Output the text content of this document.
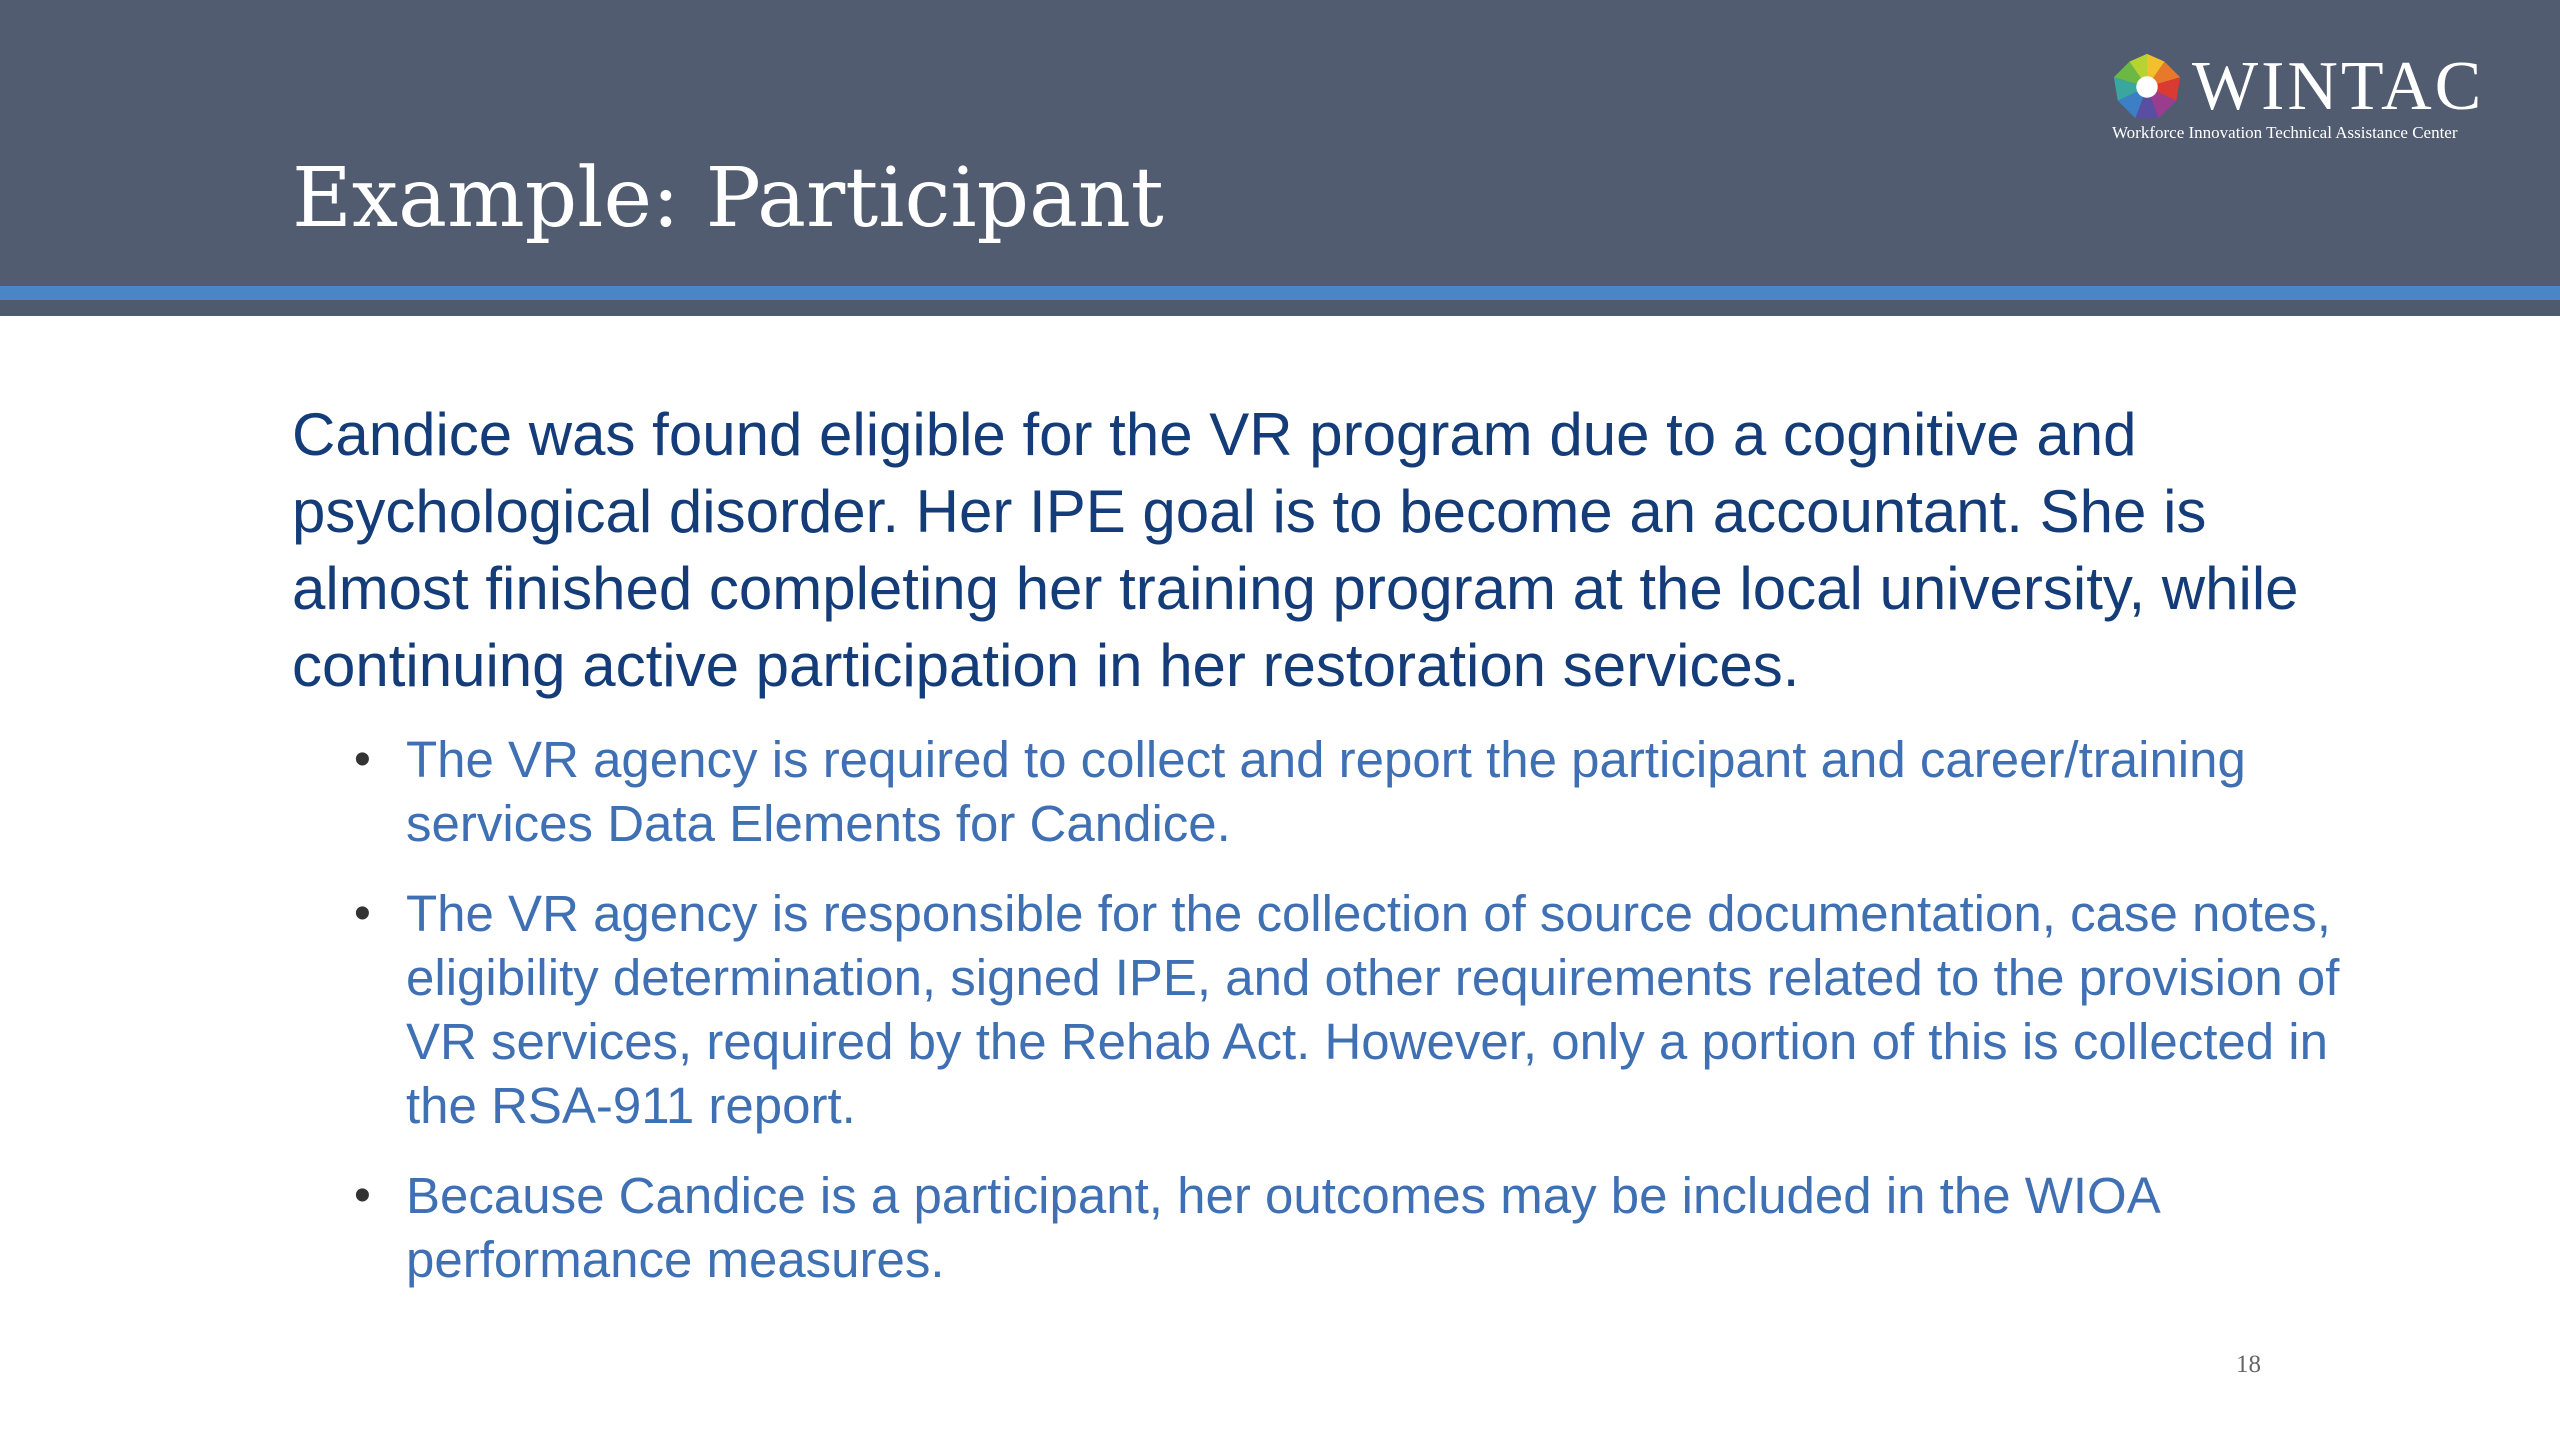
Example: Participant
WINTAC
Workforce Innovation Technical Assistance Center

Candice was found eligible for the VR program due to a cognitive and psychological disorder. Her IPE goal is to become an accountant. She is almost finished completing her training program at the local university, while continuing active participation in her restoration services.

• The VR agency is required to collect and report the participant and career/training services Data Elements for Candice.
• The VR agency is responsible for the collection of source documentation, case notes, eligibility determination, signed IPE, and other requirements related to the provision of VR services, required by the Rehab Act. However, only a portion of this is collected in the RSA-911 report.
• Because Candice is a participant, her outcomes may be included in the WIOA performance measures.
18
